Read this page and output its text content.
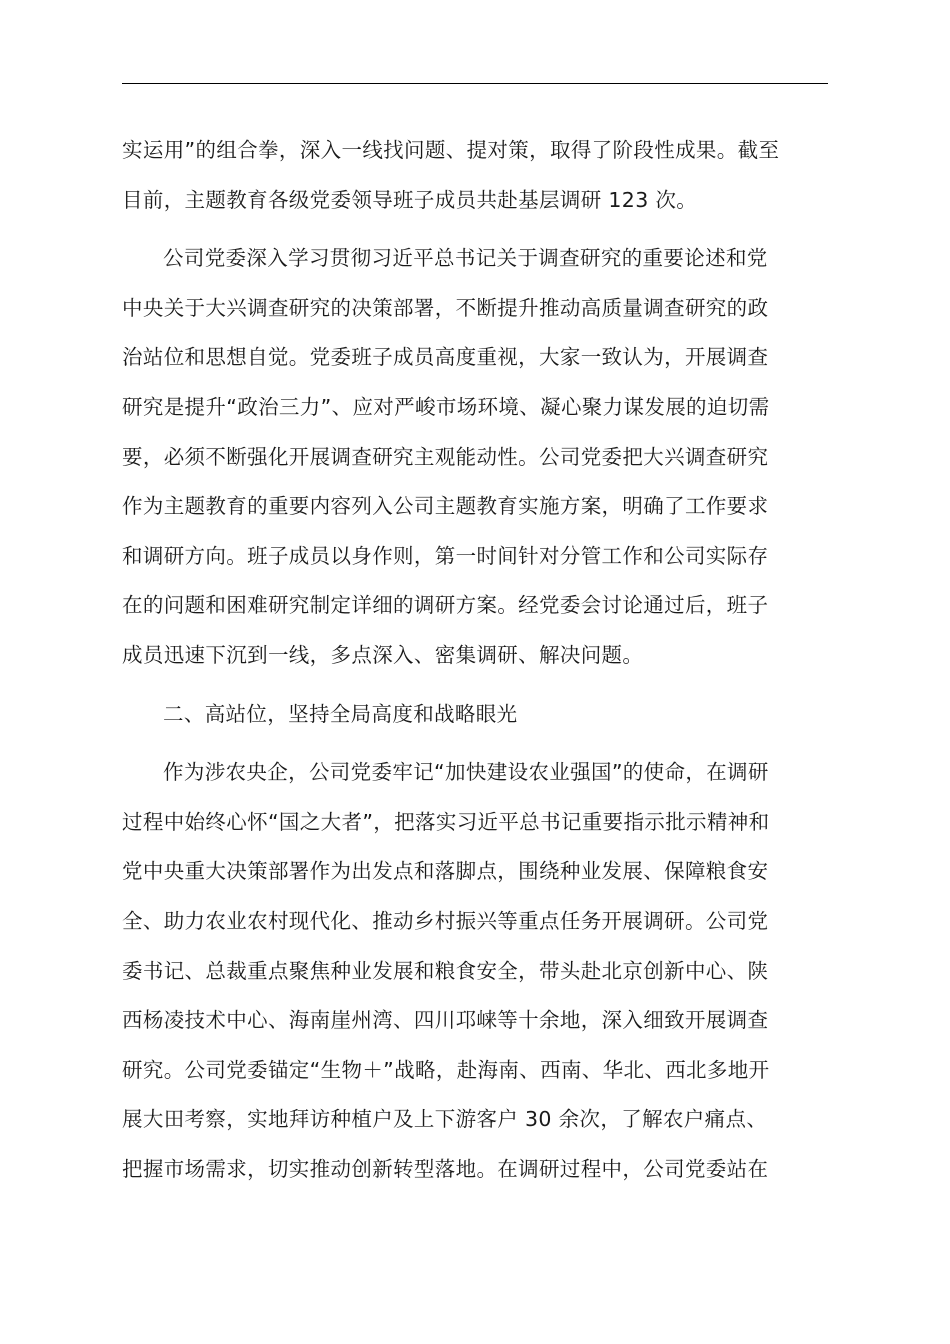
实运用”的组合拳，深入一线找问题、提对策，取得了阶段性成果。截至
目前，主题教育各级党委领导班子成员共赴基层调研 123 次。
公司党委深入学习贯彻习近平总书记关于调查研究的重要论述和党
中央关于大兴调查研究的决策部署，不断提升推动高质量调查研究的政
治站位和思想自觉。党委班子成员高度重视，大家一致认为，开展调查
研究是提升“政治三力”、应对严峻市场环境、凝心聚力谋发展的迫切需
要，必须不断强化开展调查研究主观能动性。公司党委把大兴调查研究
作为主题教育的重要内容列入公司主题教育实施方案，明确了工作要求
和调研方向。班子成员以身作则，第一时间针对分管工作和公司实际存
在的问题和困难研究制定详细的调研方案。经党委会讨论通过后，班子
成员迅速下沉到一线，多点深入、密集调研、解决问题。
二、高站位，坚持全局高度和战略眼光
作为涉农央企，公司党委牢记“加快建设农业强国”的使命，在调研
过程中始终心怀“国之大者”，把落实习近平总书记重要指示批示精神和
党中央重大决策部署作为出发点和落脚点，围绕种业发展、保障粮食安
全、助力农业农村现代化、推动乡村振兴等重点任务开展调研。公司党
委书记、总裁重点聚焦种业发展和粮食安全，带头赴北京创新中心、陕
西杨凌技术中心、海南崖州湾、四川邛崃等十余地，深入细致开展调查
研究。公司党委锚定“生物＋”战略，赴海南、西南、华北、西北多地开
展大田考察，实地拜访种植户及上下游客户 30 余次，了解农户痛点、
把握市场需求，切实推动创新转型落地。在调研过程中，公司党委站在
